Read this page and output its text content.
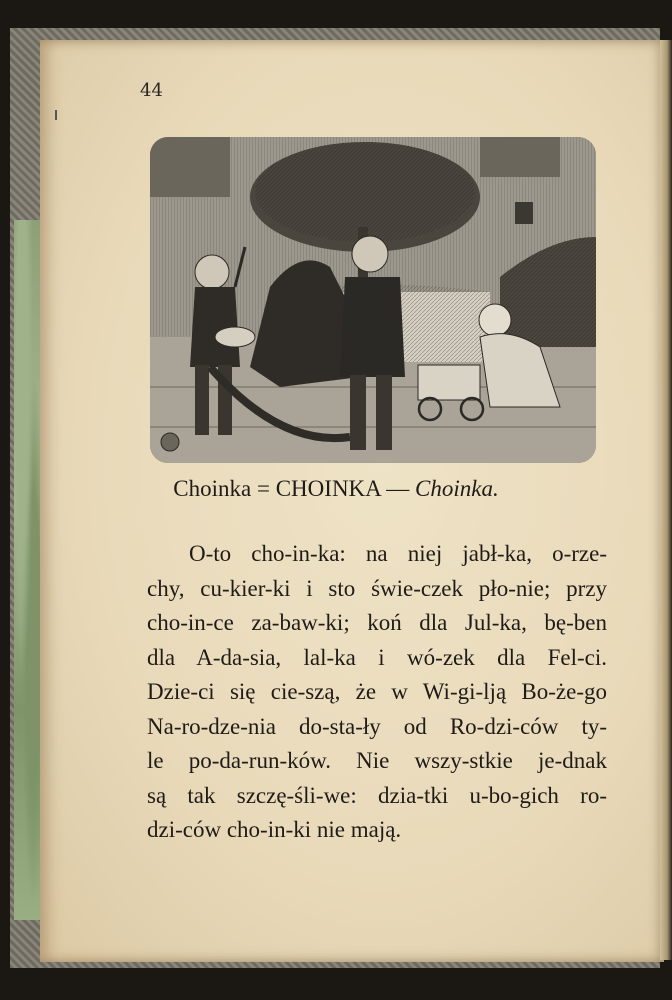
44
Choinka = CHOINKA — Choinka.
O-to cho-in-ka: na niej jabł-ka, o-rze-
chy, cu-kier-ki i sto świe-czek pło-nie; przy
cho-in-ce za-baw-ki; koń dla Jul-ka, bę-ben
dla A-da-sia, lal-ka i wó-zek dla Fel-ci.
Dzie-ci się cie-szą, że w Wi-gi-lją Bo-że-go
Na-ro-dze-nia do-sta-ły od Ro-dzi-ców ty-
le po-da-run-ków. Nie wszy-stkie je-dnak
są tak szczę-śli-we: dzia-tki u-bo-gich ro-
dzi-ców cho-in-ki nie mają.
